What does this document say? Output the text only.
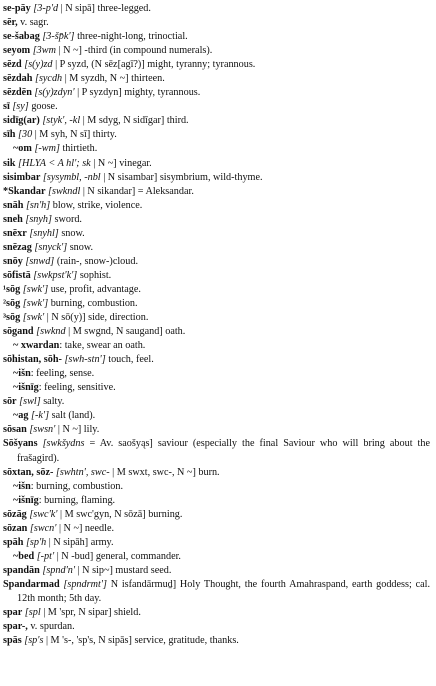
se-pāy [3-p'd | N sipā] three-legged.
sēr, v. sagr.
se-šabag [3-šp̄k'] three-night-long, trinoctial.
seyom [3wm | N ~] -third (in compound numerals).
sēzd [s(y)zd | P syzd, (N sēz[agī?)] might, tyranny; tyrannous.
sēzdah [sycdh | M syzdh, N ~] thirteen.
sēzdēn [s(y)zdyn' | P syzdyn] mighty, tyrannous.
sī [sy] goose.
sidīg(ar) [styk', -kl | M sdyg, N sidīgar] third.
sīh [30 | M syh, N sī] thirty.
~om [-wm] thirtieth.
sik [HLYA < A hl'; sk | N ~] vinegar.
sisimbar [sysymbl, -nbl | N sisambar] sisymbrium, wild-thyme.
*Skandar [swkndl | N sikandar] = Aleksandar.
snāh [sn'h] blow, strike, violence.
sneh [snyh] sword.
snēxr [snyhl] snow.
snēzag [snyck'] snow.
snōy [snwd] (rain-, snow-)cloud.
sōfistā [swkpst'k'] sophist.
¹sōg [swk'] use, profit, advantage.
²sōg [swk'] burning, combustion.
³sōg [swk' | N sō(y)] side, direction.
sōgand [swknd | M swgnd, N saugand] oath.
~ xwardan: take, swear an oath.
sōhistan, sōh- [swh-stn'] touch, feel.
~išn: feeling, sense.
~išnīg: feeling, sensitive.
sōr [swl] salty.
~ag [-k'] salt (land).
sōsan [swsn' | N ~] lily.
Sōšyans [swkšydns = Av. saošyąs] saviour (especially the final Saviour who will bring about the frašagird).
sōxtan, sōz- [swhtn', swc- | M swxt, swc-, N ~] burn.
~išn: burning, combustion.
~išnīg: burning, flaming.
sōzāg [swc'k' | M swc'gyn, N sōzā] burning.
sōzan [swcn' | N ~] needle.
spāh [sp'h | N sipāh] army.
~bed [-pt' | N -bud] general, commander.
spandān [spnd'n' | N sip~] mustard seed.
Spandarmad [spndrmt'] N isfandārmuḏ] Holy Thought, the fourth Amahraspand, earth goddess; cal. 12th month; 5th day.
spar [spl | M 'spr, N sipar] shield.
spar-, v. spurdan.
spās [sp's | M 's-, 'sp's, N sipās] service, gratitude, thanks.
